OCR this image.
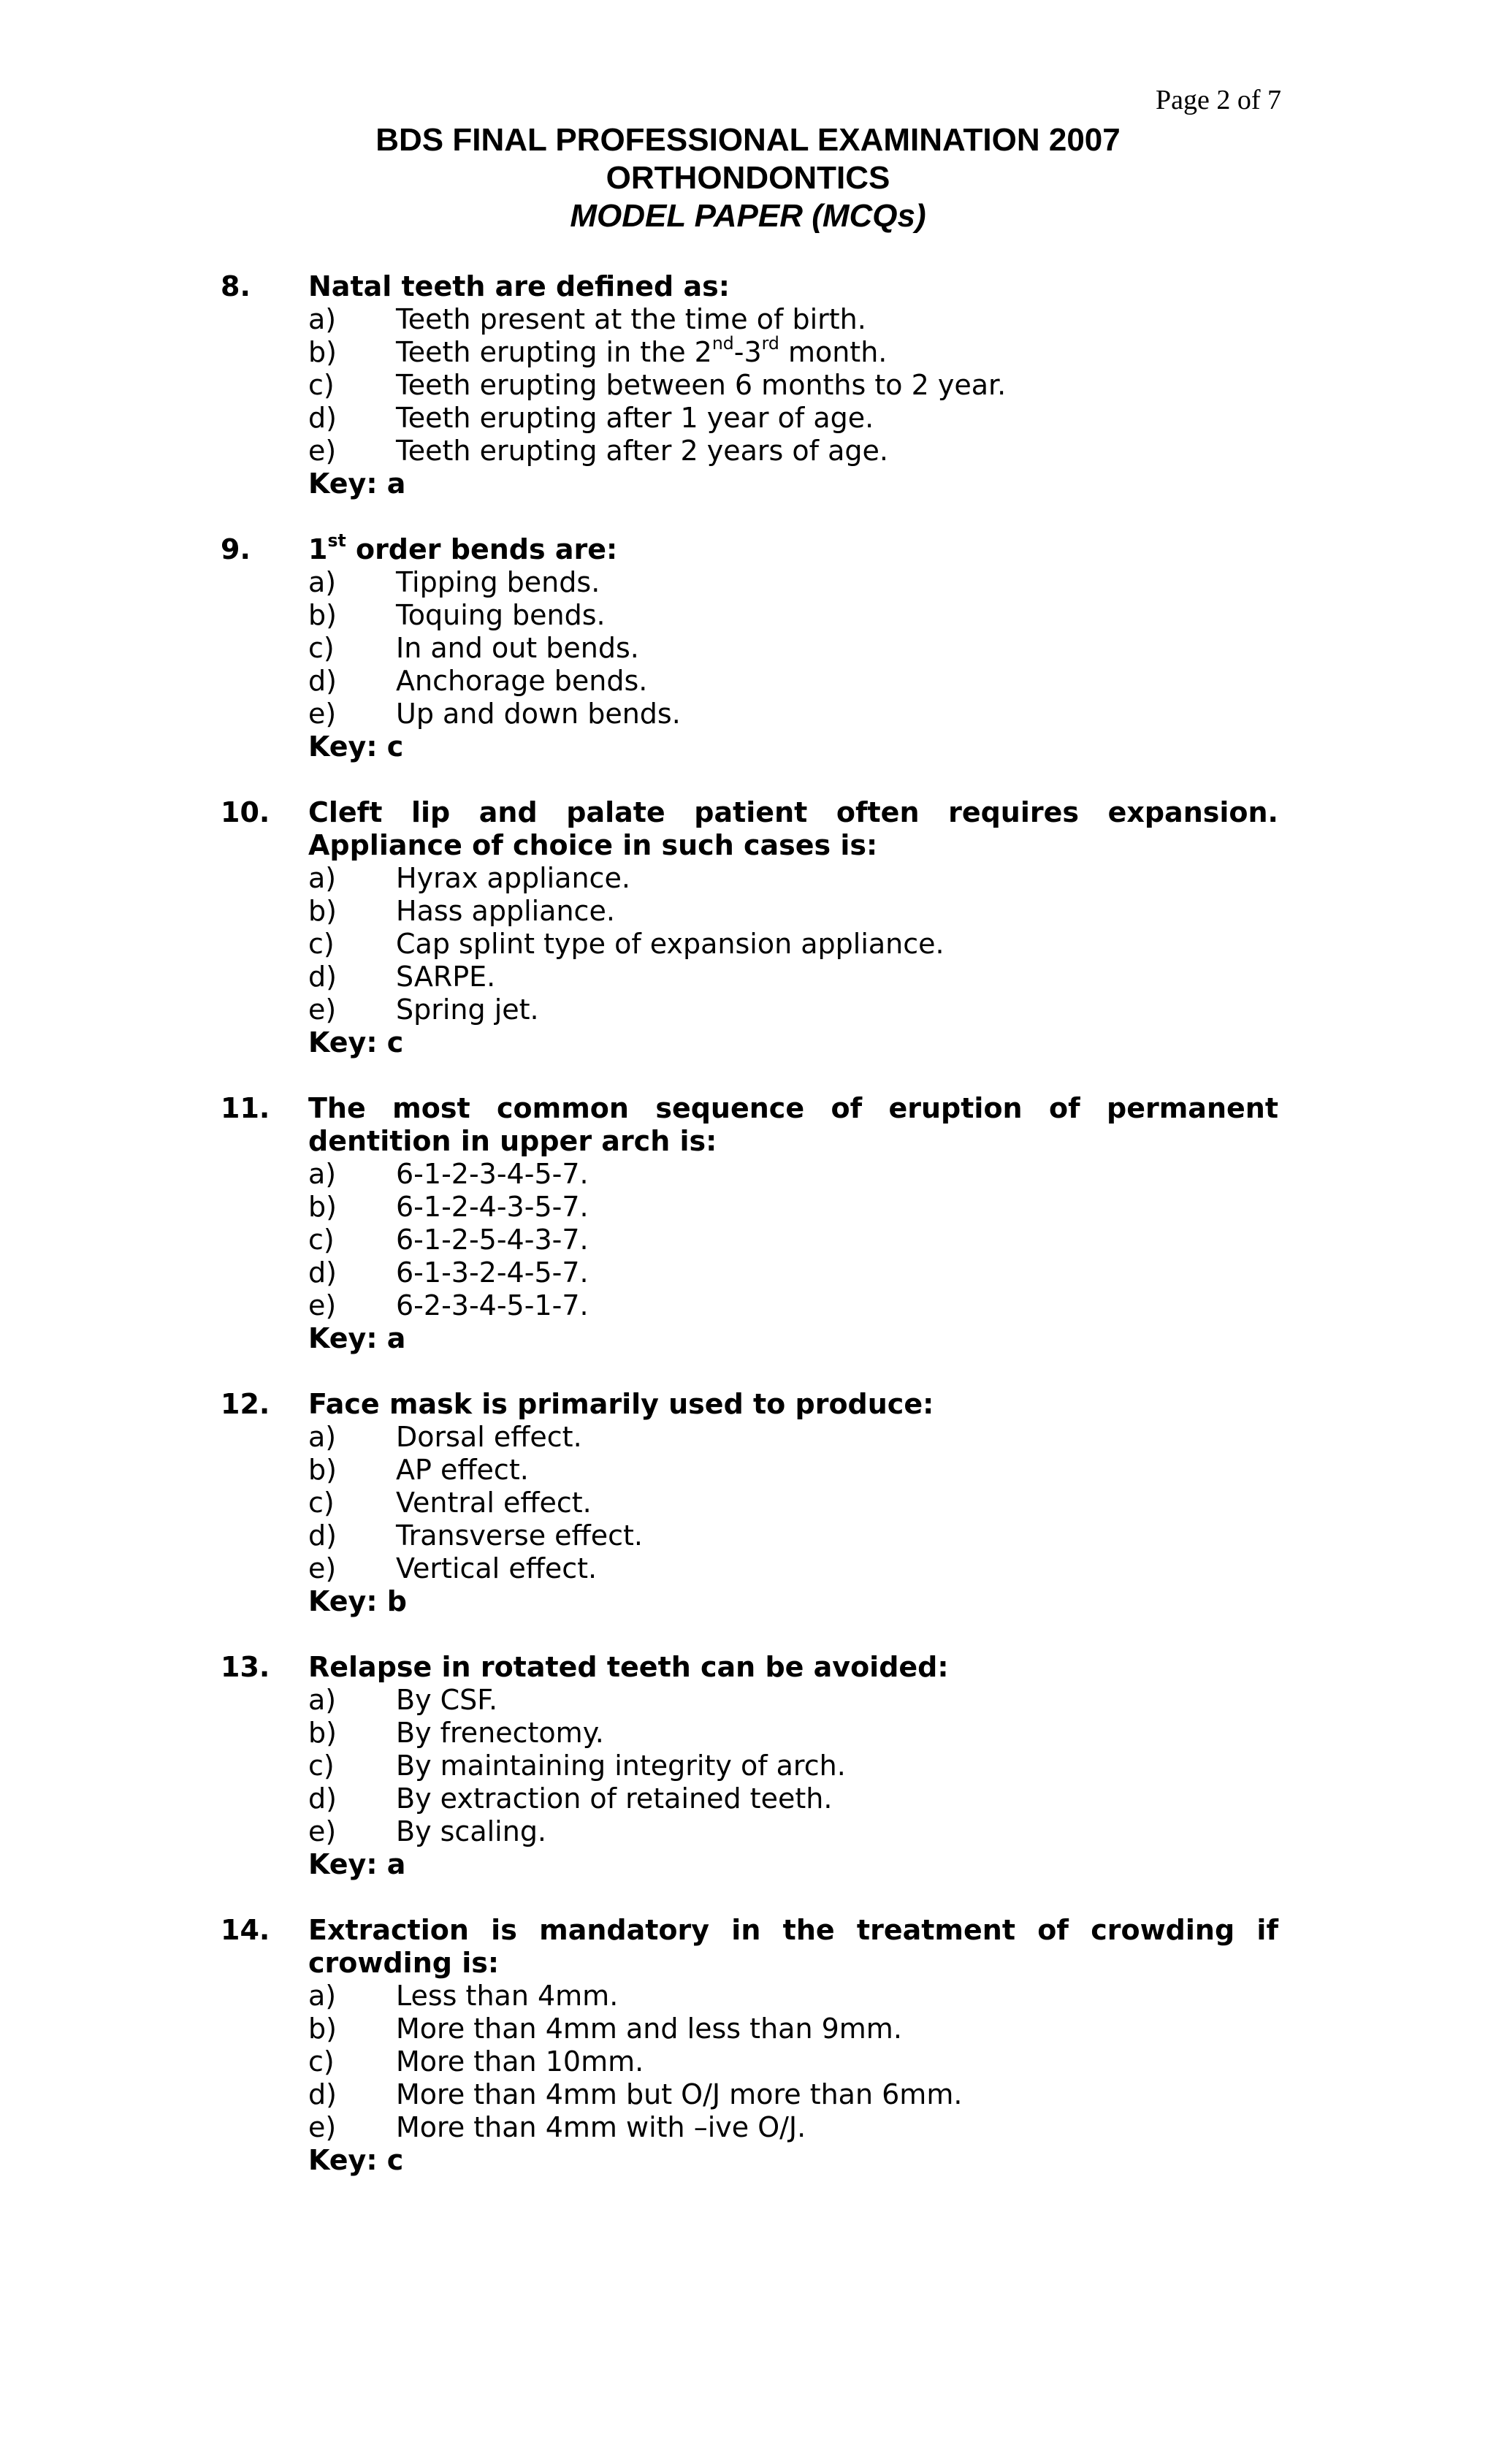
Page 2 of 7
BDS FINAL PROFESSIONAL EXAMINATION 2007
ORTHONDONTICS
MODEL PAPER (MCQs)
8. Natal teeth are defined as:
a)	Teeth present at the time of birth.
b)	Teeth erupting in the 2nd-3rd month.
c)	Teeth erupting between 6 months to 2 year.
d)	Teeth erupting after 1 year of age.
e)	Teeth erupting after 2 years of age.
Key: a
9. 1st order bends are:
a)	Tipping bends.
b)	Toquing bends.
c)	In and out bends.
d)	Anchorage bends.
e)	Up and down bends.
Key: c
10. Cleft lip and palate patient often requires expansion. Appliance of choice in such cases is:
a)	Hyrax appliance.
b)	Hass appliance.
c)	Cap splint type of expansion appliance.
d)	SARPE.
e)	Spring jet.
Key: c
11. The most common sequence of eruption of permanent dentition in upper arch is:
a)	6-1-2-3-4-5-7.
b)	6-1-2-4-3-5-7.
c)	6-1-2-5-4-3-7.
d)	6-1-3-2-4-5-7.
e)	6-2-3-4-5-1-7.
Key: a
12. Face mask is primarily used to produce:
a)	Dorsal effect.
b)	AP effect.
c)	Ventral effect.
d)	Transverse effect.
e)	Vertical effect.
Key: b
13. Relapse in rotated teeth can be avoided:
a)	By CSF.
b)	By frenectomy.
c)	By maintaining integrity of arch.
d)	By extraction of retained teeth.
e)	By scaling.
Key: a
14. Extraction is mandatory in the treatment of crowding if crowding is:
a)	Less than 4mm.
b)	More than 4mm and less than 9mm.
c)	More than 10mm.
d)	More than 4mm but O/J more than 6mm.
e)	More than 4mm with –ive O/J.
Key: c
